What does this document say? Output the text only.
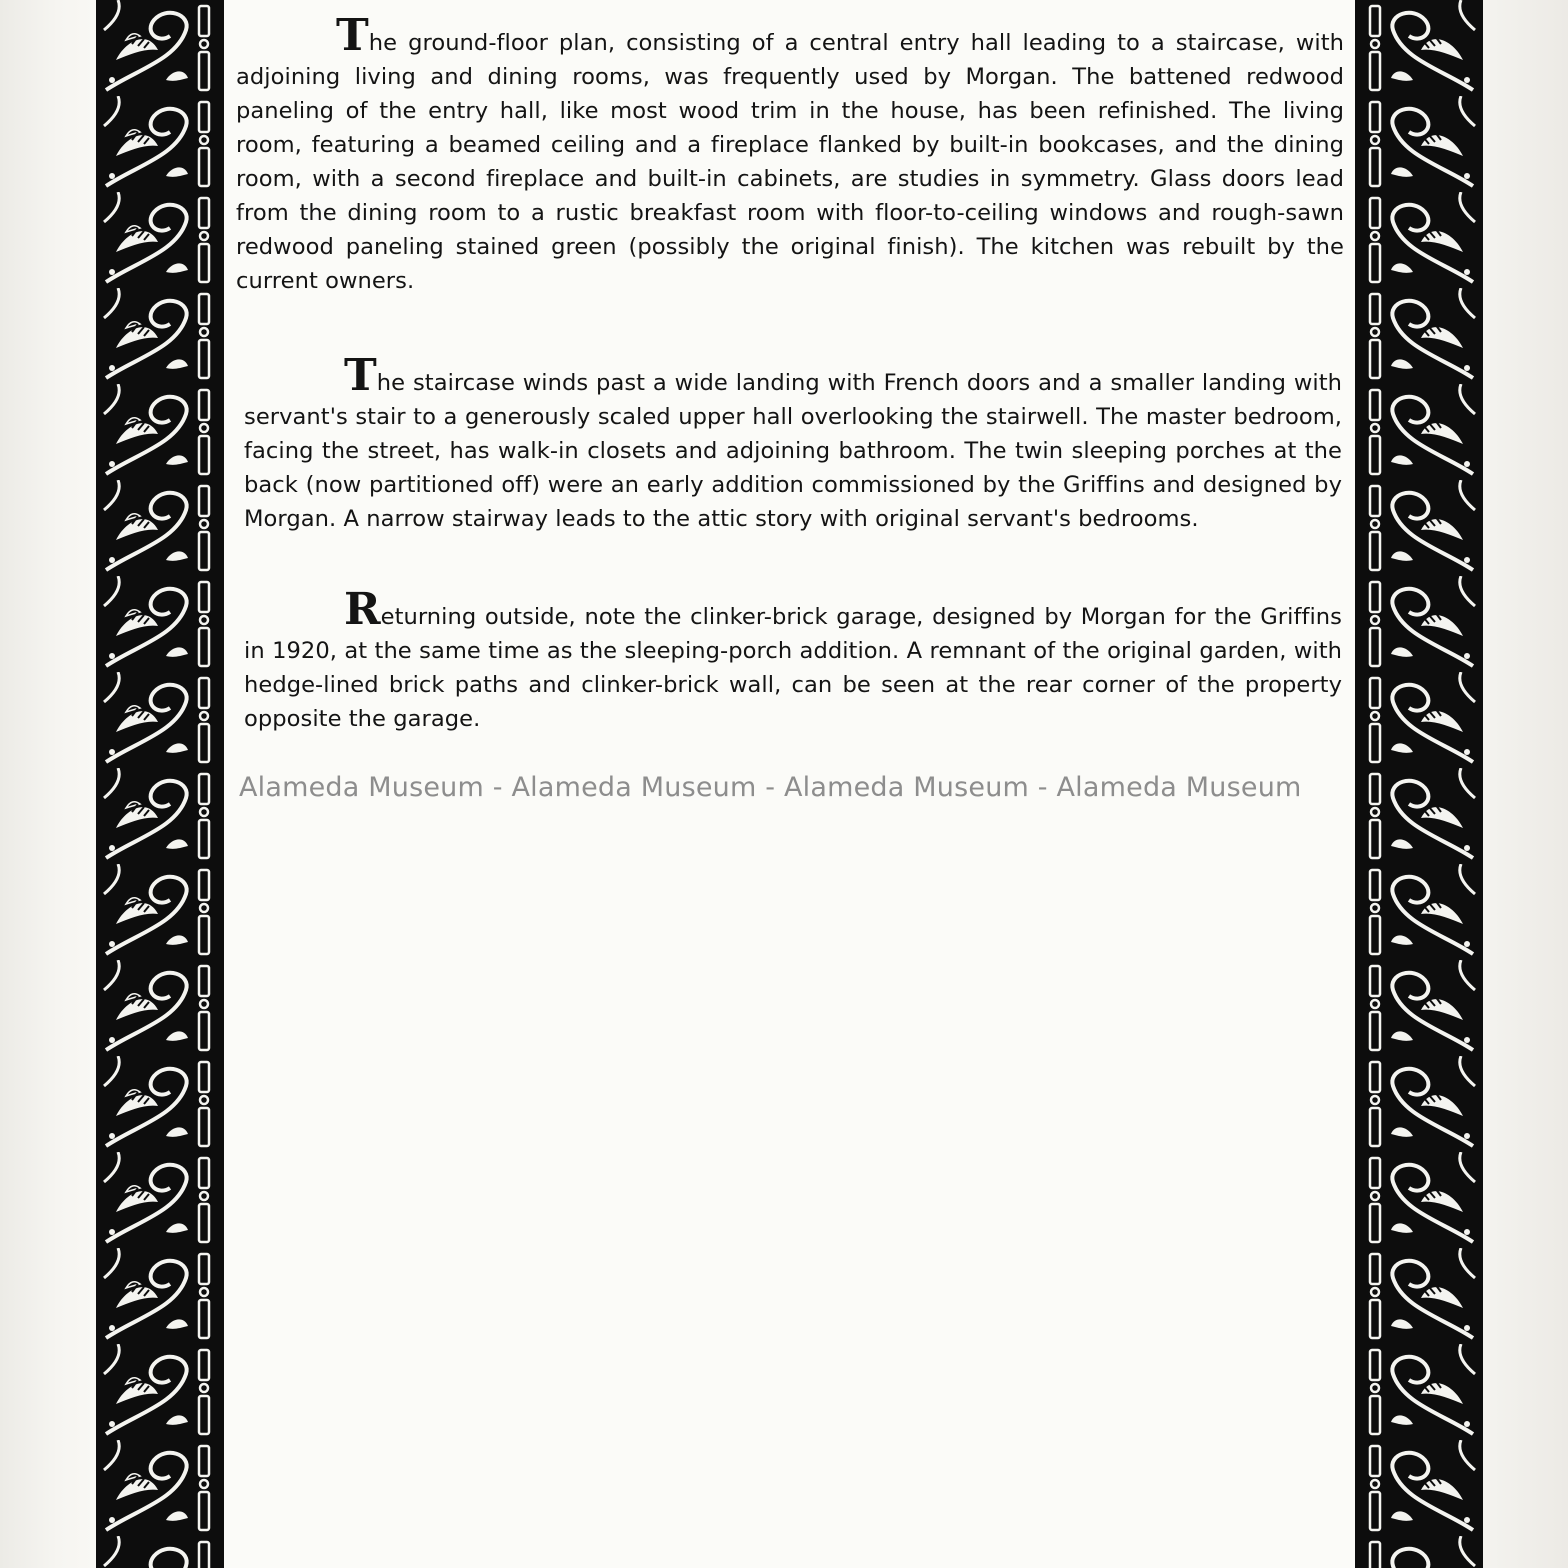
The ground-floor plan, consisting of a central entry hall leading to a staircase, with adjoining living and dining rooms, was frequently used by Morgan. The battened redwood paneling of the entry hall, like most wood trim in the house, has been refinished. The living room, featuring a beamed ceiling and a fireplace flanked by built-in bookcases, and the dining room, with a second fireplace and built-in cabinets, are studies in symmetry. Glass doors lead from the dining room to a rustic breakfast room with floor-to-ceiling windows and rough-sawn redwood paneling stained green (possibly the original finish). The kitchen was rebuilt by the current owners.

The staircase winds past a wide landing with French doors and a smaller landing with servant's stair to a generously scaled upper hall overlooking the stairwell. The master bedroom, facing the street, has walk-in closets and adjoining bathroom. The twin sleeping porches at the back (now partitioned off) were an early addition commissioned by the Griffins and designed by Morgan. A narrow stairway leads to the attic story with original servant's bedrooms.

Returning outside, note the clinker-brick garage, designed by Morgan for the Griffins in 1920, at the same time as the sleeping-porch addition. A remnant of the original garden, with hedge-lined brick paths and clinker-brick wall, can be seen at the rear corner of the property opposite the garage.

Alameda Museum - Alameda Museum - Alameda Museum - Alameda Museum
